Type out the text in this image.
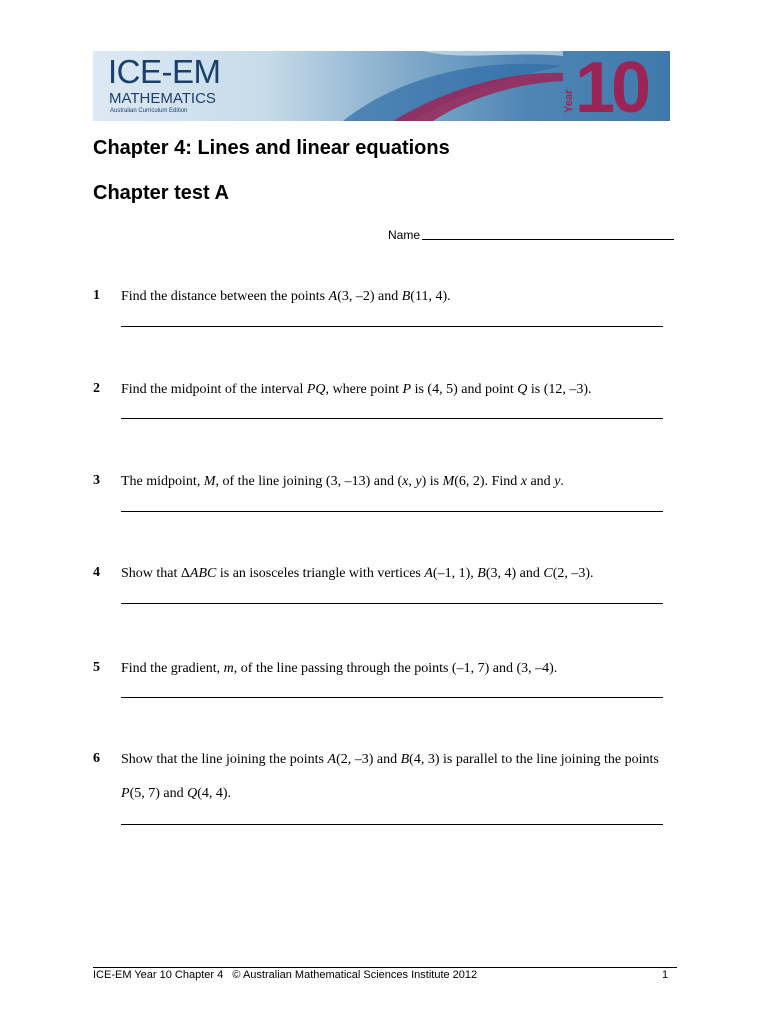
ICE-EM
MATHEMATICS
Australian Curriculum Edition	Year 10
Chapter 4: Lines and linear equations
Chapter test A
Name
1 Find the distance between the points A(3, –2) and B(11, 4).
2 Find the midpoint of the interval PQ, where point P is (4, 5) and point Q is (12, –3).
3 The midpoint, M, of the line joining (3, –13) and (x, y) is M(6, 2). Find x and y.
4 Show that ΔABC is an isosceles triangle with vertices A(–1, 1), B(3, 4) and C(2, –3).
5 Find the gradient, m, of the line passing through the points (–1, 7) and (3, –4).
6 Show that the line joining the points A(2, –3) and B(4, 3) is parallel to the line joining the points P(5, 7) and Q(4, 4).
ICE-EM Year 10 Chapter 4   © Australian Mathematical Sciences Institute 2012	1
